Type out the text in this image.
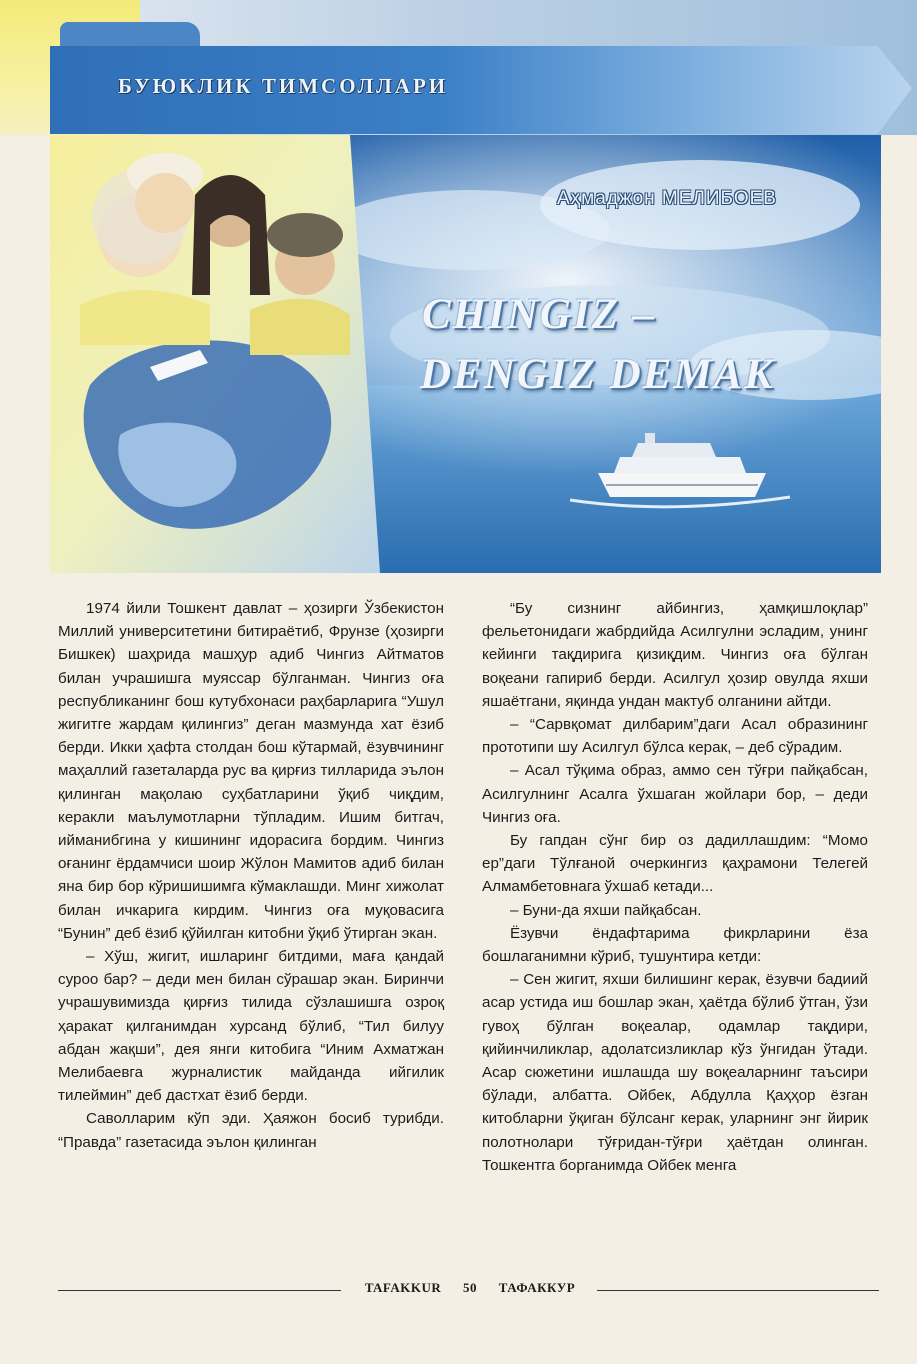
БУЮКЛИК ТИМСОЛЛАРИ
Аҳмаджон МЕЛИБОЕВ
CHINGIZ –
DENGIZ DEMAK

1974 йили Тошкент давлат – ҳозирги Ўзбекистон Миллий университетини битираётиб, Фрунзе (ҳозирги Бишкек) шаҳрида машҳур адиб Чингиз Айтматов билан учрашишга муяссар бўлганман. Чингиз оға республиканинг бош кутубхонаси раҳбарларига “Ушул жигитге жардам қилингиз” деган мазмунда хат ёзиб берди. Икки ҳафта столдан бош кўтармай, ёзувчининг маҳаллий газеталарда рус ва қирғиз тилларида эълон қилинган мақолаю суҳбатларини ўқиб чиқдим, керакли маълумотларни тўпладим. Ишим битгач, ийманибгина у кишининг идорасига бордим. Чингиз оғанинг ёрдамчиси шоир Жўлон Мамитов адиб билан яна бир бор кўришишимга кўмаклашди. Минг хижолат билан ичкарига кирдим. Чингиз оға муқовасига “Бунин” деб ёзиб қўйилган китобни ўқиб ўтирган экан.

– Хўш, жигит, ишларинг битдими, маға қандай суроо бар? – деди мен билан сўрашар экан. Биринчи учрашувимизда қирғиз тилида сўзлашишга озроқ ҳаракат қилганимдан хурсанд бўлиб, “Тил билуу абдан жақши”, дея янги китобига “Иним Ахматжан Мелибаевга журналистик майданда ийгилик тилеймин” деб дастхат ёзиб берди.

Саволларим кўп эди. Ҳаяжон босиб турибди. “Правда” газетасида эълон қилинган

“Бу сизнинг айбингиз, ҳамқишлоқлар” фельетонидаги жабрдийда Асилгулни эсладим, унинг кейинги тақдирига қизиқдим. Чингиз оға бўлган воқеани гапириб берди. Асилгул ҳозир овулда яхши яшаётгани, яқинда ундан мактуб олганини айтди.

– “Сарвқомат дилбарим”даги Асал образининг прототипи шу Асилгул бўлса керак, – деб сўрадим.

– Асал тўқима образ, аммо сен тўғри пайқабсан, Асилгулнинг Асалга ўхшаган жойлари бор, – деди Чингиз оға.

Бу гапдан сўнг бир оз дадиллашдим: “Момо ер”даги Тўлғаной очеркингиз қаҳрамони Телегей Алмамбетовнага ўхшаб кетади...

– Буни-да яхши пайқабсан.

Ёзувчи ёндафтарима фикрларини ёза бошлаганимни кўриб, тушунтира кетди:

– Сен жигит, яхши билишинг керак, ёзувчи бадиий асар устида иш бошлар экан, ҳаётда бўлиб ўтган, ўзи гувоҳ бўлган воқеалар, одамлар тақдири, қийинчиликлар, адолатсизликлар кўз ўнгидан ўтади. Асар сюжетини ишлашда шу воқеаларнинг таъсири бўлади, албатта. Ойбек, Абдулла Қаҳҳор ёзган китобларни ўқиган бўлсанг керак, уларнинг энг йирик полотнолари тўғридан-тўғри ҳаётдан олинган. Тошкентга борганимда Ойбек менга

TAFAKKUR 50 ТАФАККУР
